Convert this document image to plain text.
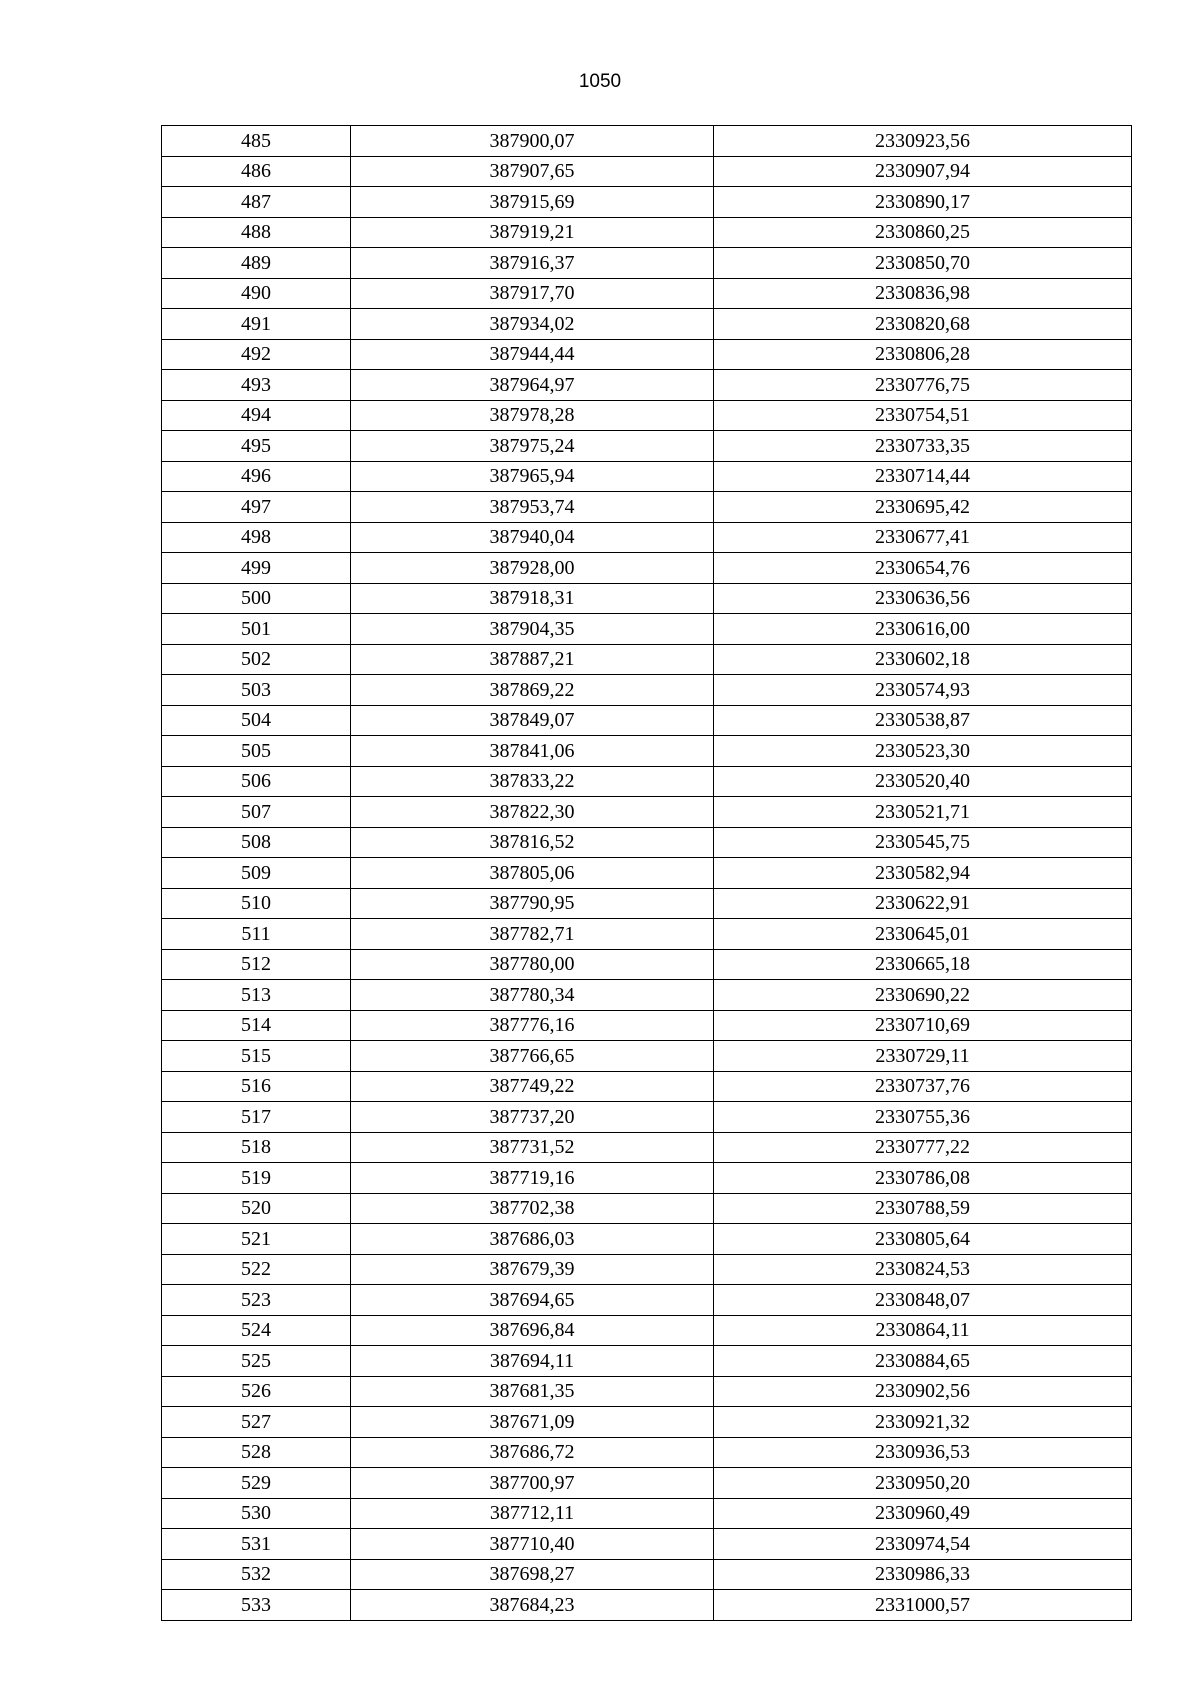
1050
485	387900,07	2330923,56
486	387907,65	2330907,94
487	387915,69	2330890,17
488	387919,21	2330860,25
489	387916,37	2330850,70
490	387917,70	2330836,98
491	387934,02	2330820,68
492	387944,44	2330806,28
493	387964,97	2330776,75
494	387978,28	2330754,51
495	387975,24	2330733,35
496	387965,94	2330714,44
497	387953,74	2330695,42
498	387940,04	2330677,41
499	387928,00	2330654,76
500	387918,31	2330636,56
501	387904,35	2330616,00
502	387887,21	2330602,18
503	387869,22	2330574,93
504	387849,07	2330538,87
505	387841,06	2330523,30
506	387833,22	2330520,40
507	387822,30	2330521,71
508	387816,52	2330545,75
509	387805,06	2330582,94
510	387790,95	2330622,91
511	387782,71	2330645,01
512	387780,00	2330665,18
513	387780,34	2330690,22
514	387776,16	2330710,69
515	387766,65	2330729,11
516	387749,22	2330737,76
517	387737,20	2330755,36
518	387731,52	2330777,22
519	387719,16	2330786,08
520	387702,38	2330788,59
521	387686,03	2330805,64
522	387679,39	2330824,53
523	387694,65	2330848,07
524	387696,84	2330864,11
525	387694,11	2330884,65
526	387681,35	2330902,56
527	387671,09	2330921,32
528	387686,72	2330936,53
529	387700,97	2330950,20
530	387712,11	2330960,49
531	387710,40	2330974,54
532	387698,27	2330986,33
533	387684,23	2331000,57
